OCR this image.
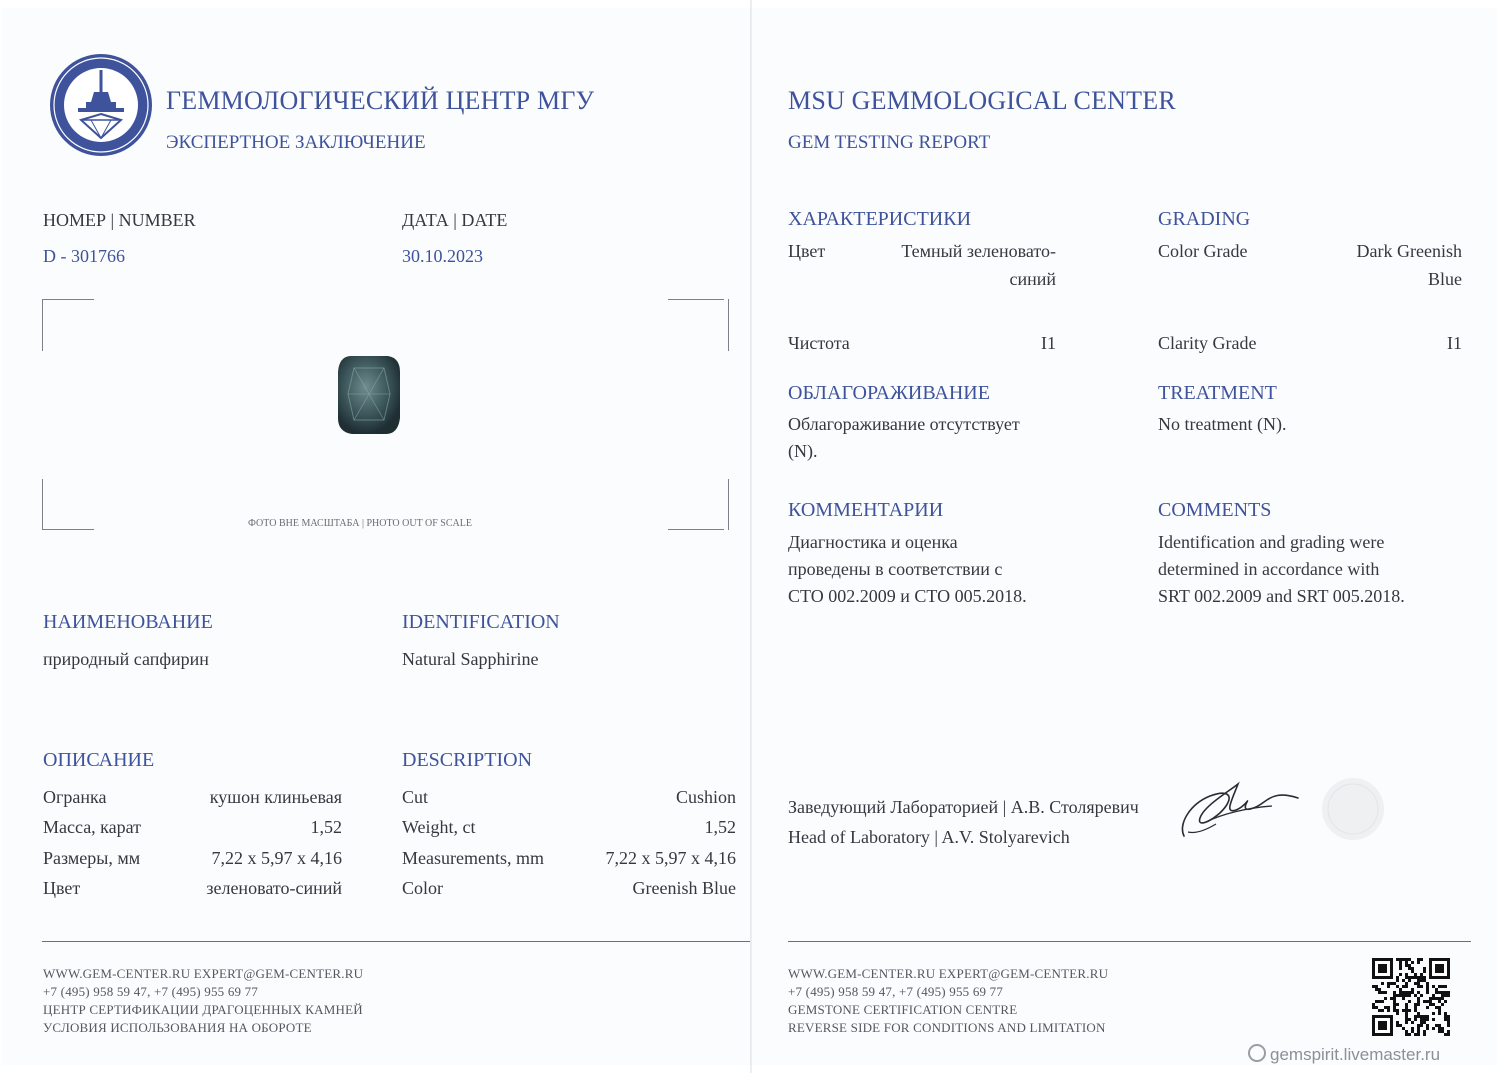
ГЕММОЛОГИЧЕСКИЙ ЦЕНТР МГУ
ЭКСПЕРТНОЕ ЗАКЛЮЧЕНИЕ
НОМЕР | NUMBER
D - 301766
ДАТА | DATE
30.10.2023
ФОТО ВНЕ МАСШТАБА | PHOTO OUT OF SCALE
НАИМЕНОВАНИЕ
природный сапфирин
IDENTIFICATION
Natural Sapphirine
ОПИСАНИЕ	DESCRIPTION
Огранка	кушон клиньевая
Масса, карат	1,52
Размеры, мм	7,22 x 5,97 x 4,16
Цвет	зеленовато-синий
Cut	Cushion
Weight, ct	1,52
Measurements, mm	7,22 x 5,97 x 4,16
Color	Greenish Blue
WWW.GEM-CENTER.RU EXPERT@GEM-CENTER.RU
+7 (495) 958 59 47, +7 (495) 955 69 77
ЦЕНТР СЕРТИФИКАЦИИ ДРАГОЦЕННЫХ КАМНЕЙ
УСЛОВИЯ ИСПОЛЬЗОВАНИЯ НА ОБОРОТЕ
MSU GEMMOLOGICAL CENTER
GEM TESTING REPORT
ХАРАКТЕРИСТИКИ	GRADING
Цвет	Темный зеленовато-
синий
Color Grade	Dark Greenish
Blue
Чистота	I1	Clarity Grade	I1
ОБЛАГОРАЖИВАНИЕ
Облагораживание отсутствует
(N).
TREATMENT
No treatment (N).
КОММЕНТАРИИ
Диагностика и оценка
проведены в соответствии с
СТО 002.2009 и СТО 005.2018.
COMMENTS
Identification and grading were
determined in accordance with
SRT 002.2009 and SRT 005.2018.
Заведующий Лабораторией | А.В. Столяревич
Head of Laboratory | A.V. Stolyarevich
WWW.GEM-CENTER.RU EXPERT@GEM-CENTER.RU
+7 (495) 958 59 47, +7 (495) 955 69 77
GEMSTONE CERTIFICATION CENTRE
REVERSE SIDE FOR CONDITIONS AND LIMITATION
gemspirit.livemaster.ru
